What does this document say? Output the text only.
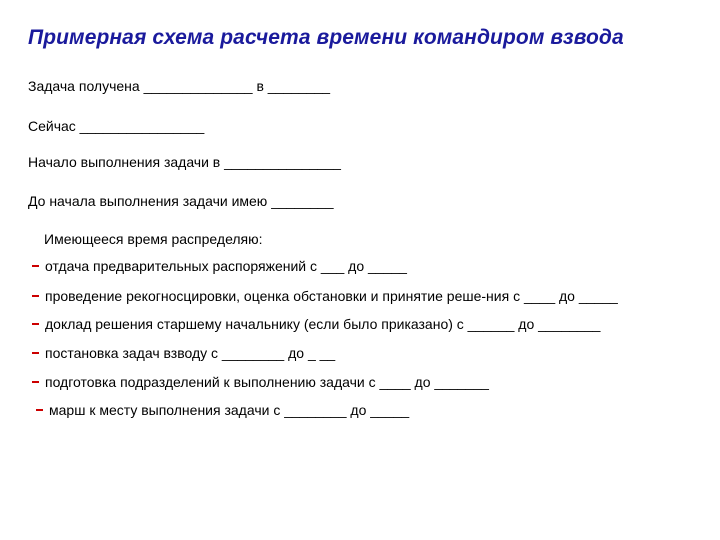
Примерная схема расчета времени командиром взвода
Задача получена ______________ в ________
Сейчас ________________
Начало выполнения задачи в _______________
До начала выполнения задачи имею ________
Имеющееся время распределяю:
отдача предварительных распоряжений с ___ до _____
проведение рекогносцировки, оценка обстановки и принятие реше-ния с ____ до _____
доклад решения старшему начальнику (если было приказано) с ______ до ________
постановка задач взводу с ________ до _ __
подготовка подразделений к выполнению задачи с ____ до _______
марш к месту выполнения задачи с ________ до _____
